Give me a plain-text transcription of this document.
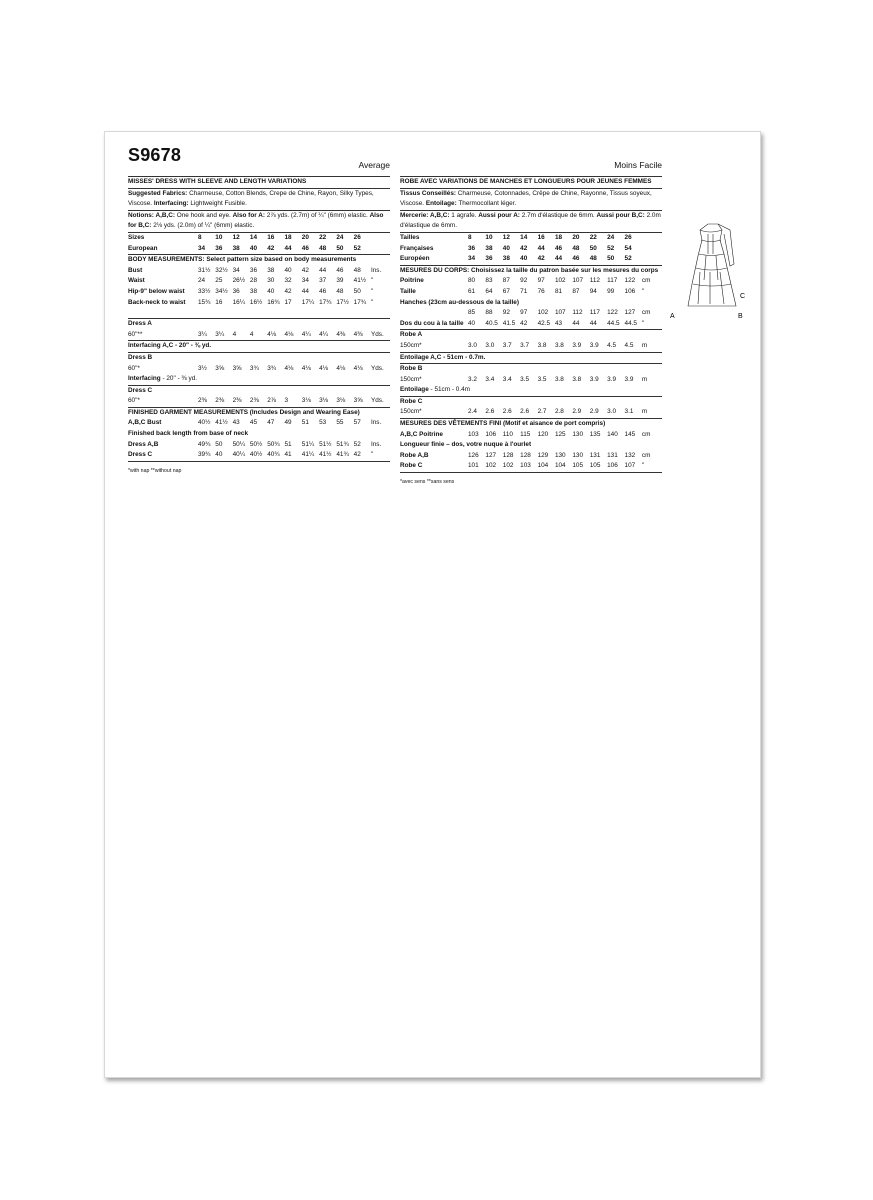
S9678	Average
MISSES' DRESS WITH SLEEVE AND LENGTH VARIATIONS
Suggested Fabrics: Charmeuse, Cotton Blends, Crepe de Chine, Rayon, Silky Types, Viscose. Interfacing: Lightweight Fusible.
Notions: A,B,C: One hook and eye. Also for A: 2⅞ yds. (2.7m) of ¼" (6mm) elastic. Also for B,C: 2⅛ yds. (2.0m) of ¼" (6mm) elastic.
Sizes	8	10	12	14	16	18	20	22	24	26
European	34	36	38	40	42	44	46	48	50	52
BODY MEASUREMENTS: Select pattern size based on body measurements
Bust	31½ 32½ 34	36	38	40	42	44	46	48	Ins.
Waist	24	25	26½ 28	30	32	34	37	39	41½ "
Hip-9" below waist	33½ 34½ 36	38	40	42	44	46	48	50	"
Back-neck to waist	15¾ 16	16¼ 16½ 16¾ 17	17¼ 17¾ 17½ 17¾ "
Dress A
60"**	3¼	3¼	4	4	4⅛	4⅛	4¼	4¼	4⅜	4⅜	Yds.
Interfacing A,C - 20" - ⅜ yd.
Dress B
60"*	3½	3⅝	3⅝	3¾	3¾	4⅛	4⅛	4⅛	4⅛	4⅛	Yds.
Interfacing - 20" - ⅜ yd.
Dress C
60"*	2⅜	2⅜	2⅜	2⅜	2⅞	3	3⅛	3⅛	3⅛	3⅝	Yds.
FINISHED GARMENT MEASUREMENTS (Includes Design and Wearing Ease)
A,B,C Bust	40½ 41½ 43	45	47	49	51	53	55	57	Ins.
Finished back length from base of neck
Dress A,B	49¾ 50	50¼ 50½ 50¾ 51	51¼ 51½ 51¾ 52	Ins.
Dress C	39¾ 40	40¼ 40½ 40¾ 41	41¼ 41½ 41¾ 42	"
*with nap **without nap
Moins Facile
ROBE AVEC VARIATIONS DE MANCHES ET LONGUEURS POUR JEUNES FEMMES
Tissus Conseillés: Charmeuse, Cotonnades, Crêpe de Chine, Rayonne, Tissus soyeux, Viscose. Entoilage: Thermocollant léger.
Mercerie: A,B,C: 1 agrafe. Aussi pour A: 2.7m d'élastique de 6mm. Aussi pour B,C: 2.0m d'élastique de 6mm.
Tailles	8	10	12	14	16	18	20	22	24	26
Françaises	36	38	40	42	44	46	48	50	52	54
Européen	34	36	38	40	42	44	46	48	50	52
MESURES DU CORPS: Choisissez la taille du patron basée sur les mesures du corps
Poitrine	80	83	87	92	97	102	107	112	117	122	cm
Taille	61	64	67	71	76	81	87	94	99	106	"
Hanches (23cm au-dessous de la taille)
85	88	92	97	102	107	112	117	122	127	cm
Dos du cou à la taille 40	40.5 41.5 42	42.5 43	44	44	44.5 44.5 "
Robe A
150cm*	3.0	3.0	3.7	3.7	3.8	3.8	3.9	3.9	4.5	4.5	m
Entoilage A,C - 51cm - 0.7m.
Robe B
150cm*	3.2	3.4	3.4	3.5	3.5	3.8	3.8	3.9	3.9	3.9	m
Entoilage - 51cm - 0.4m
Robe C
150cm*	2.4	2.6	2.6	2.6	2.7	2.8	2.9	2.9	3.0	3.1	m
MESURES DES VÊTEMENTS FINI (Motif et aisance de port compris)
A,B,C Poitrine	103	106	110	115	120	125	130	135	140	145	cm
Longueur finie – dos, votre nuque à l'ourlet
Robe A,B	126	127	128	128	129	130	130	131	131	132	cm
Robe C	101	102	102	103	104	104	105	105	106	107	"
*avec sens **sans sens
A	B
C
